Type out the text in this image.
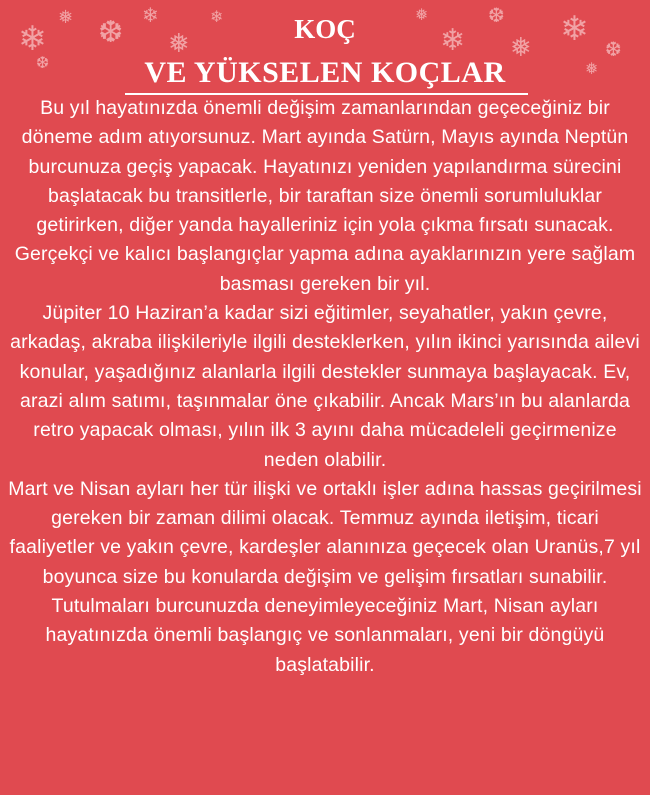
❄
❅ ❆ ❄
❅
❆
❄	❅
❄
❆
❅ ❄
❆
❅
KOÇ
VE YÜKSELEN KOÇLAR

Bu yıl hayatınızda önemli değişim zamanlarından geçeceğiniz bir döneme adım atıyorsunuz. Mart ayında Satürn, Mayıs ayında Neptün burcunuza geçiş yapacak. Hayatınızı yeniden yapılandırma sürecini başlatacak bu transitlerle, bir taraftan size önemli sorumluluklar getirirken, diğer yanda hayalleriniz için yola çıkma fırsatı sunacak. Gerçekçi ve kalıcı başlangıçlar yapma adına ayaklarınızın yere sağlam basması gereken bir yıl.

Jüpiter 10 Haziran’a kadar sizi eğitimler, seyahatler, yakın çevre, arkadaş, akraba ilişkileriyle ilgili desteklerken, yılın ikinci yarısında ailevi konular, yaşadığınız alanlarla ilgili destekler sunmaya başlayacak. Ev, arazi alım satımı, taşınmalar öne çıkabilir. Ancak Mars’ın bu alanlarda retro yapacak olması, yılın ilk 3 ayını daha mücadeleli geçirmenize neden olabilir.

Mart ve Nisan ayları her tür ilişki ve ortaklı işler adına hassas geçirilmesi gereken bir zaman dilimi olacak. Temmuz ayında iletişim, ticari faaliyetler ve yakın çevre, kardeşler alanınıza geçecek olan Uranüs,7 yıl boyunca size bu konularda değişim ve gelişim fırsatları sunabilir. Tutulmaları burcunuzda deneyimleyeceğiniz Mart, Nisan ayları hayatınızda önemli başlangıç ve sonlanmaları, yeni bir döngüyü başlatabilir.
